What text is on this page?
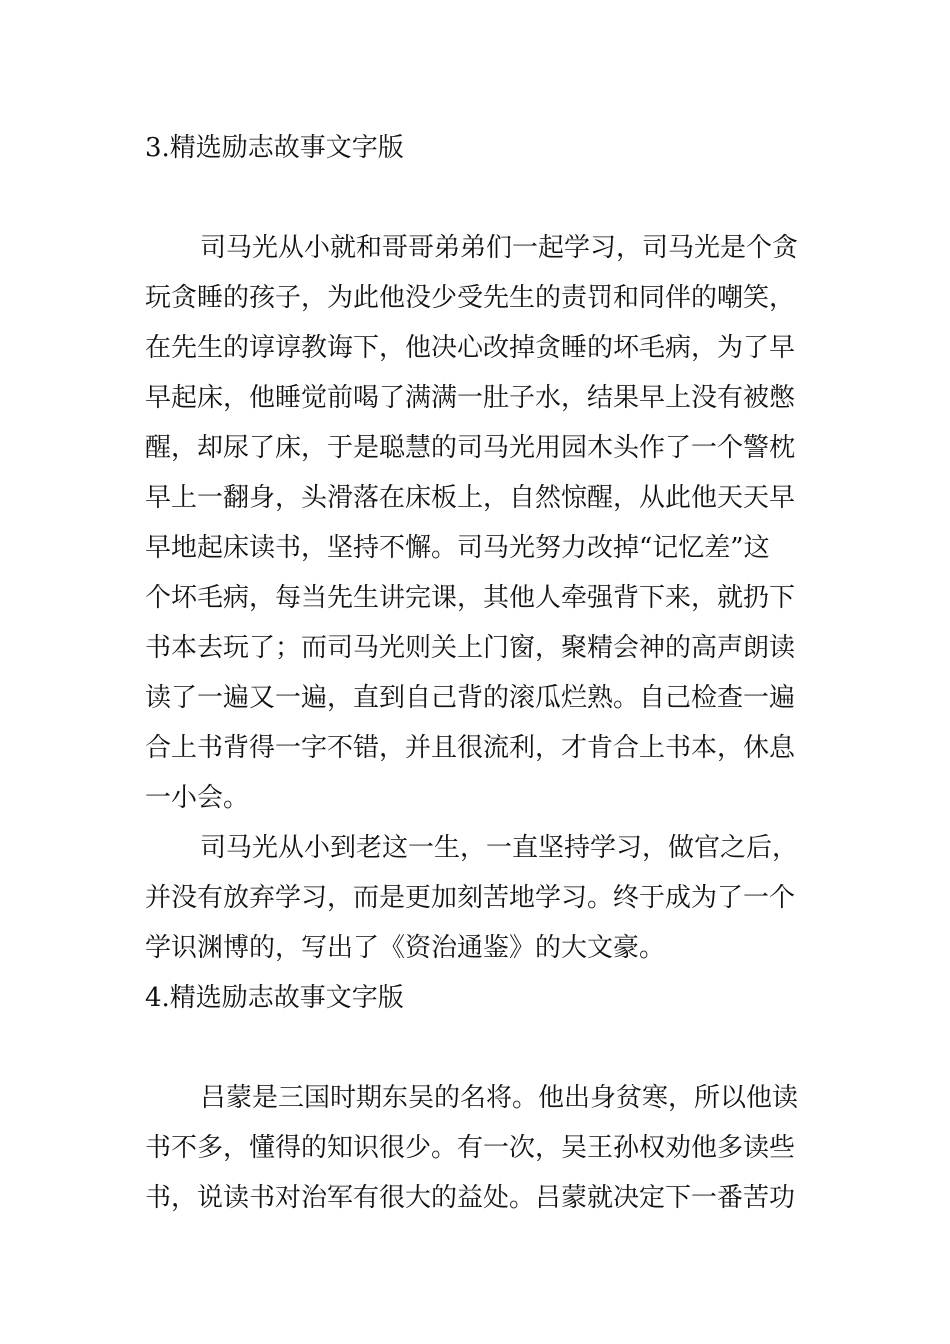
3.精选励志故事文字版
司马光从小就和哥哥弟弟们一起学习，司马光是个贪
玩贪睡的孩子，为此他没少受先生的责罚和同伴的嘲笑，
在先生的谆谆教诲下，他决心改掉贪睡的坏毛病，为了早
早起床，他睡觉前喝了满满一肚子水，结果早上没有被憋
醒，却尿了床，于是聪慧的司马光用园木头作了一个警枕
早上一翻身，头滑落在床板上，自然惊醒，从此他天天早
早地起床读书，坚持不懈。司马光努力改掉“记忆差”这
个坏毛病，每当先生讲完课，其他人牵强背下来，就扔下
书本去玩了；而司马光则关上门窗，聚精会神的高声朗读
读了一遍又一遍，直到自己背的滚瓜烂熟。自己检查一遍
合上书背得一字不错，并且很流利，才肯合上书本，休息
一小会。
司马光从小到老这一生，一直坚持学习，做官之后，
并没有放弃学习，而是更加刻苦地学习。终于成为了一个
学识渊博的，写出了《资治通鉴》的大文豪。
4.精选励志故事文字版
吕蒙是三国时期东吴的名将。他出身贫寒，所以他读
书不多，懂得的知识很少。有一次，吴王孙权劝他多读些
书，说读书对治军有很大的益处。吕蒙就决定下一番苦功
